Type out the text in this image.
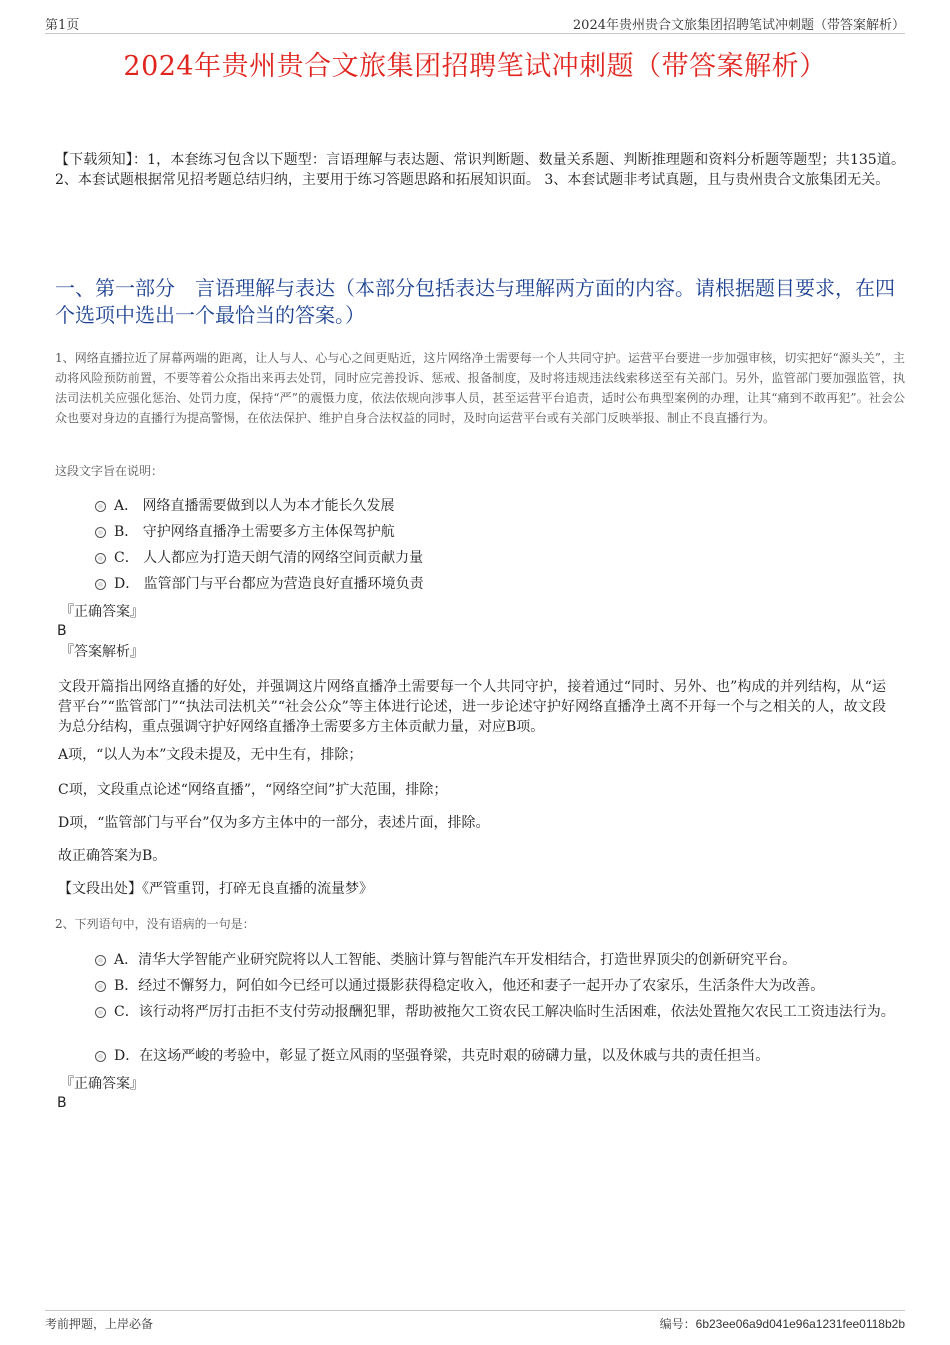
第1页	2024年贵州贵合文旅集团招聘笔试冲刺题（带答案解析）
2024年贵州贵合文旅集团招聘笔试冲刺题（带答案解析）
【下载须知】：1，本套练习包含以下题型：言语理解与表达题、常识判断题、数量关系题、判断推理题和资料分析题等题型；共135道。 2、本套试题根据常见招考题总结归纳，主要用于练习答题思路和拓展知识面。 3、本套试题非考试真题，且与贵州贵合文旅集团无关。
一、第一部分　言语理解与表达（本部分包括表达与理解两方面的内容。请根据题目要求，在四个选项中选出一个最恰当的答案。）
1、网络直播拉近了屏幕两端的距离，让人与人、心与心之间更贴近，这片网络净土需要每一个人共同守护。运营平台要进一步加强审核，切实把好“源头关”，主动将风险预防前置，不要等着公众指出来再去处罚，同时应完善投诉、惩戒、报备制度，及时将违规违法线索移送至有关部门。另外，监管部门要加强监管，执法司法机关应强化惩治、处罚力度，保持“严”的震慑力度，依法依规向涉事人员，甚至运营平台追责，适时公布典型案例的办理，让其“痛到不敢再犯”。社会公众也要对身边的直播行为提高警惕，在依法保护、维护自身合法权益的同时，及时向运营平台或有关部门反映举报、制止不良直播行为。
这段文字旨在说明：
A． 网络直播需要做到以人为本才能长久发展
B． 守护网络直播净土需要多方主体保驾护航
C． 人人都应为打造天朗气清的网络空间贡献力量
D． 监管部门与平台都应为营造良好直播环境负责
『正确答案』
B
『答案解析』
文段开篇指出网络直播的好处，并强调这片网络直播净土需要每一个人共同守护，接着通过“同时、另外、也”构成的并列结构，从“运营平台”“监管部门”“执法司法机关”“社会公众”等主体进行论述，进一步论述守护好网络直播净土离不开每一个与之相关的人，故文段为总分结构，重点强调守护好网络直播净土需要多方主体贡献力量，对应B项。
A项，“以人为本”文段未提及，无中生有，排除；
C项，文段重点论述“网络直播”，“网络空间”扩大范围，排除；
D项，“监管部门与平台”仅为多方主体中的一部分，表述片面，排除。
故正确答案为B。
【文段出处】《严管重罚，打碎无良直播的流量梦》
2、下列语句中，没有语病的一句是：
A．清华大学智能产业研究院将以人工智能、类脑计算与智能汽车开发相结合，打造世界顶尖的创新研究平台。
B．经过不懈努力，阿伯如今已经可以通过摄影获得稳定收入，他还和妻子一起开办了农家乐，生活条件大为改善。
C．该行动将严厉打击拒不支付劳动报酬犯罪，帮助被拖欠工资农民工解决临时生活困难，依法处置拖欠农民工工资违法行为。
D．在这场严峻的考验中，彰显了挺立风雨的坚强脊梁，共克时艰的磅礴力量，以及休戚与共的责任担当。
『正确答案』
B
考前押题，上岸必备	编号：6b23ee06a9d041e96a1231fee0118b2b
